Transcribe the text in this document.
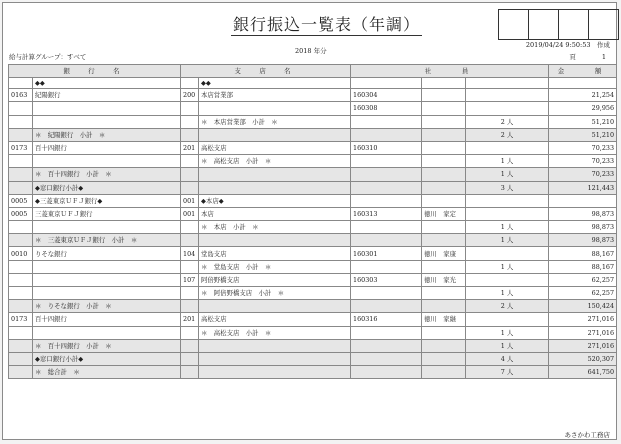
銀行振込一覧表（年調）
2019/04/24 9:50:53　作成
2018 年分
給与計算グループ：すべて	頁　　　　1
銀　行　名		支　店　名		社　　員			金　　額
	◆◆		◆◆				
0163	紀陽銀行	200	本店営業部	160304			21,254
				160308			29,956
			＊　本店営業部　小計　＊			2 人	51,210
	＊　紀陽銀行　小計　＊					2 人	51,210
0173	百十四銀行	201	高松支店	160310			70,233
			＊　高松支店　小計　＊			1 人	70,233
	＊　百十四銀行　小計　＊					1 人	70,233
	◆窓口銀行小計◆					3 人	121,443
0005	◆三菱東京ＵＦＪ銀行◆	001	◆本店◆				
0005	三菱東京ＵＦＪ銀行	001	本店	160313	徳川　家定		98,873
			＊　本店　小計　＊			1 人	98,873
	＊　三菱東京ＵＦＪ銀行　小計　＊					1 人	98,873
0010	りそな銀行	104	堂島支店	160301	徳川　家康		88,167
			＊　堂島支店　小計　＊			1 人	88,167
		107	阿倍野橋支店	160303	徳川　家光		62,257
			＊　阿倍野橋支店　小計　＊			1 人	62,257
	＊　りそな銀行　小計　＊					2 人	150,424
0173	百十四銀行	201	高松支店	160316	徳川　家継		271,016
			＊　高松支店　小計　＊			1 人	271,016
	＊　百十四銀行　小計　＊					1 人	271,016
	◆窓口銀行小計◆					4 人	520,307
	＊　総合計　＊					7 人	641,750
あさかわ工務店
